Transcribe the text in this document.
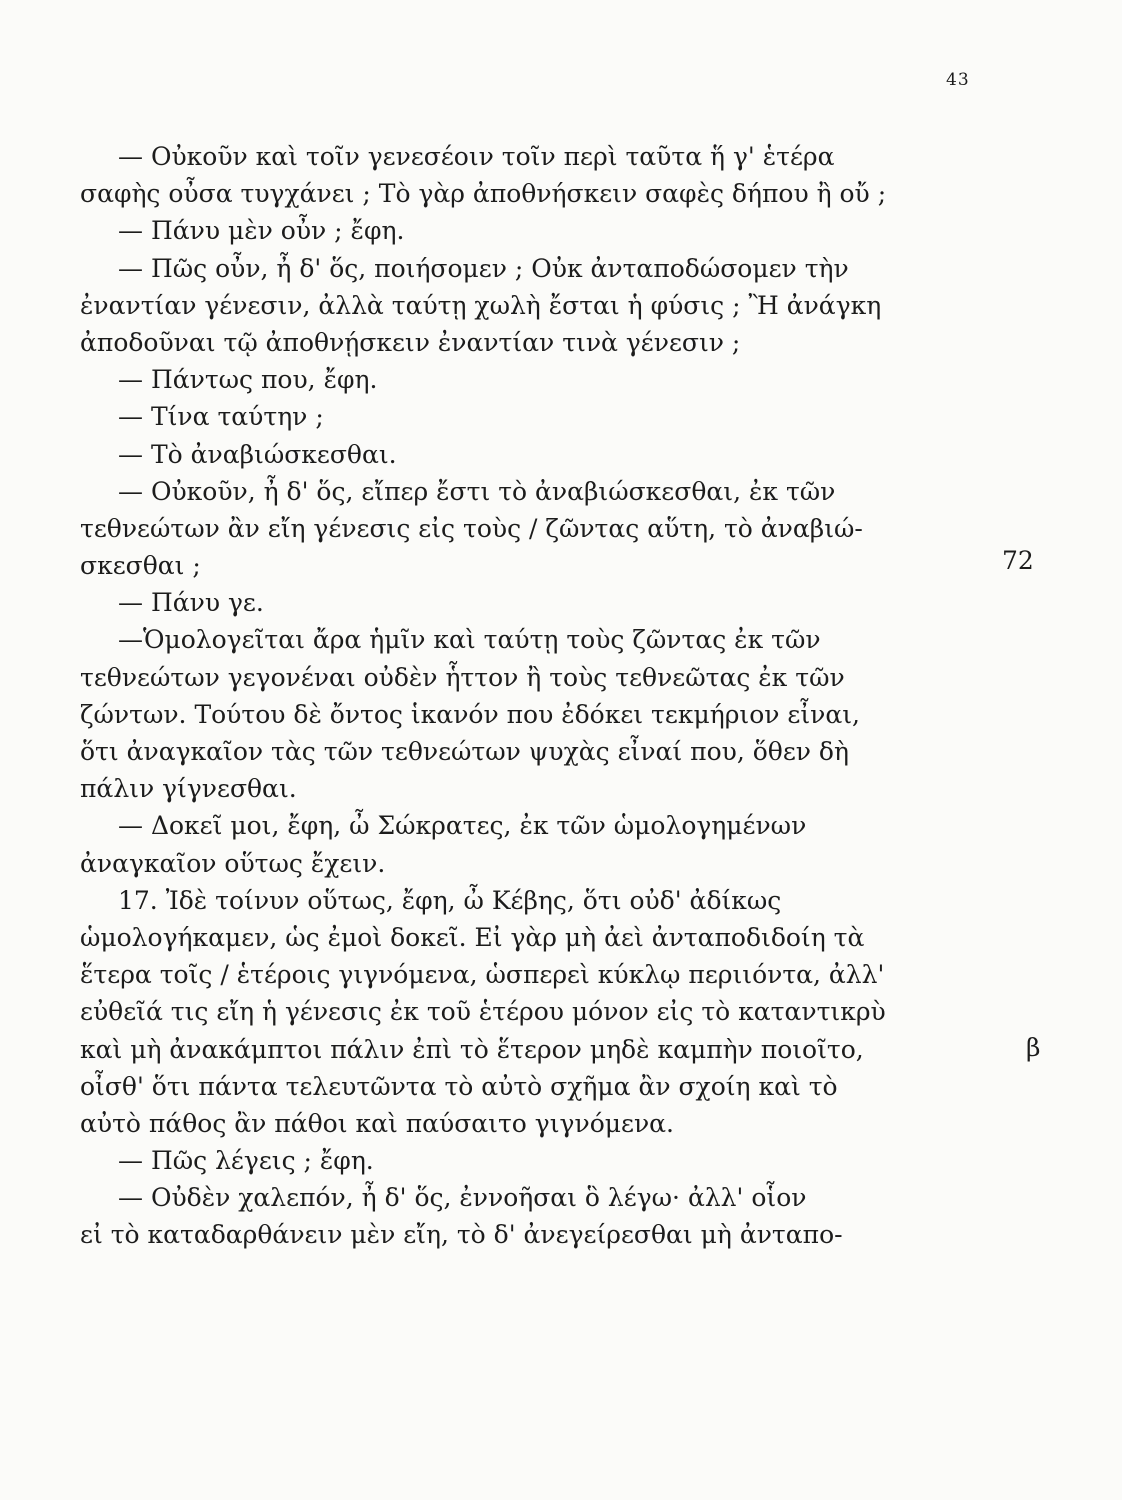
43
— Οὐκοῦν καὶ τοῖν γενεσέοιν τοῖν περὶ ταῦτα ἥ γ' ἑτέρα
σαφὴς οὖσα τυγχάνει ; Τὸ γὰρ ἀποθνήσκειν σαφὲς δήπου ἢ οὔ ;
— Πάνυ μὲν οὖν ; ἔφη.
— Πῶς οὖν, ἦ δ' ὅς, ποιήσομεν ; Οὐκ ἀνταποδώσομεν τὴν
ἐναντίαν γένεσιν, ἀλλὰ ταύτῃ χωλὴ ἔσται ἡ φύσις ; Ἢ ἀνάγκη
ἀποδοῦναι τῷ ἀποθνῄσκειν ἐναντίαν τινὰ γένεσιν ;
— Πάντως που, ἔφη.
— Τίνα ταύτην ;
— Τὸ ἀναβιώσκεσθαι.
— Οὐκοῦν, ἦ δ' ὅς, εἴπερ ἔστι τὸ ἀναβιώσκεσθαι, ἐκ τῶν
τεθνεώτων ἂν εἴη γένεσις εἰς τοὺς / ζῶντας αὕτη, τὸ ἀναβιώ-
σκεσθαι ;
— Πάνυ γε.
—Ὁμολογεῖται ἄρα ἡμῖν καὶ ταύτῃ τοὺς ζῶντας ἐκ τῶν
τεθνεώτων γεγονέναι οὐδὲν ἧττον ἢ τοὺς τεθνεῶτας ἐκ τῶν
ζώντων. Τούτου δὲ ὄντος ἱκανόν που ἐδόκει τεκμήριον εἶναι,
ὅτι ἀναγκαῖον τὰς τῶν τεθνεώτων ψυχὰς εἶναί που, ὅθεν δὴ
πάλιν γίγνεσθαι.
— Δοκεῖ μοι, ἔφη, ὦ Σώκρατες, ἐκ τῶν ὡμολογημένων
ἀναγκαῖον οὕτως ἔχειν.
17. Ἰδὲ τοίνυν οὕτως, ἔφη, ὦ Κέβης, ὅτι οὐδ' ἀδίκως
ὡμολογήκαμεν, ὡς ἐμοὶ δοκεῖ. Εἰ γὰρ μὴ ἀεὶ ἀνταποδιδοίη τὰ
ἕτερα τοῖς / ἑτέροις γιγνόμενα, ὡσπερεὶ κύκλῳ περιιόντα, ἀλλ'
εὐθεῖά τις εἴη ἡ γένεσις ἐκ τοῦ ἑτέρου μόνον εἰς τὸ καταντικρὺ
καὶ μὴ ἀνακάμπτοι πάλιν ἐπὶ τὸ ἕτερον μηδὲ καμπὴν ποιοῖτο,
οἶσθ' ὅτι πάντα τελευτῶντα τὸ αὐτὸ σχῆμα ἂν σχοίη καὶ τὸ
αὐτὸ πάθος ἂν πάθοι καὶ παύσαιτο γιγνόμενα.
— Πῶς λέγεις ; ἔφη.
— Οὐδὲν χαλεπόν, ἦ δ' ὅς, ἐννοῆσαι ὃ λέγω· ἀλλ' οἷον
εἰ τὸ καταδαρθάνειν μὲν εἴη, τὸ δ' ἀνεγείρεσθαι μὴ ἀνταπο-
72
β
